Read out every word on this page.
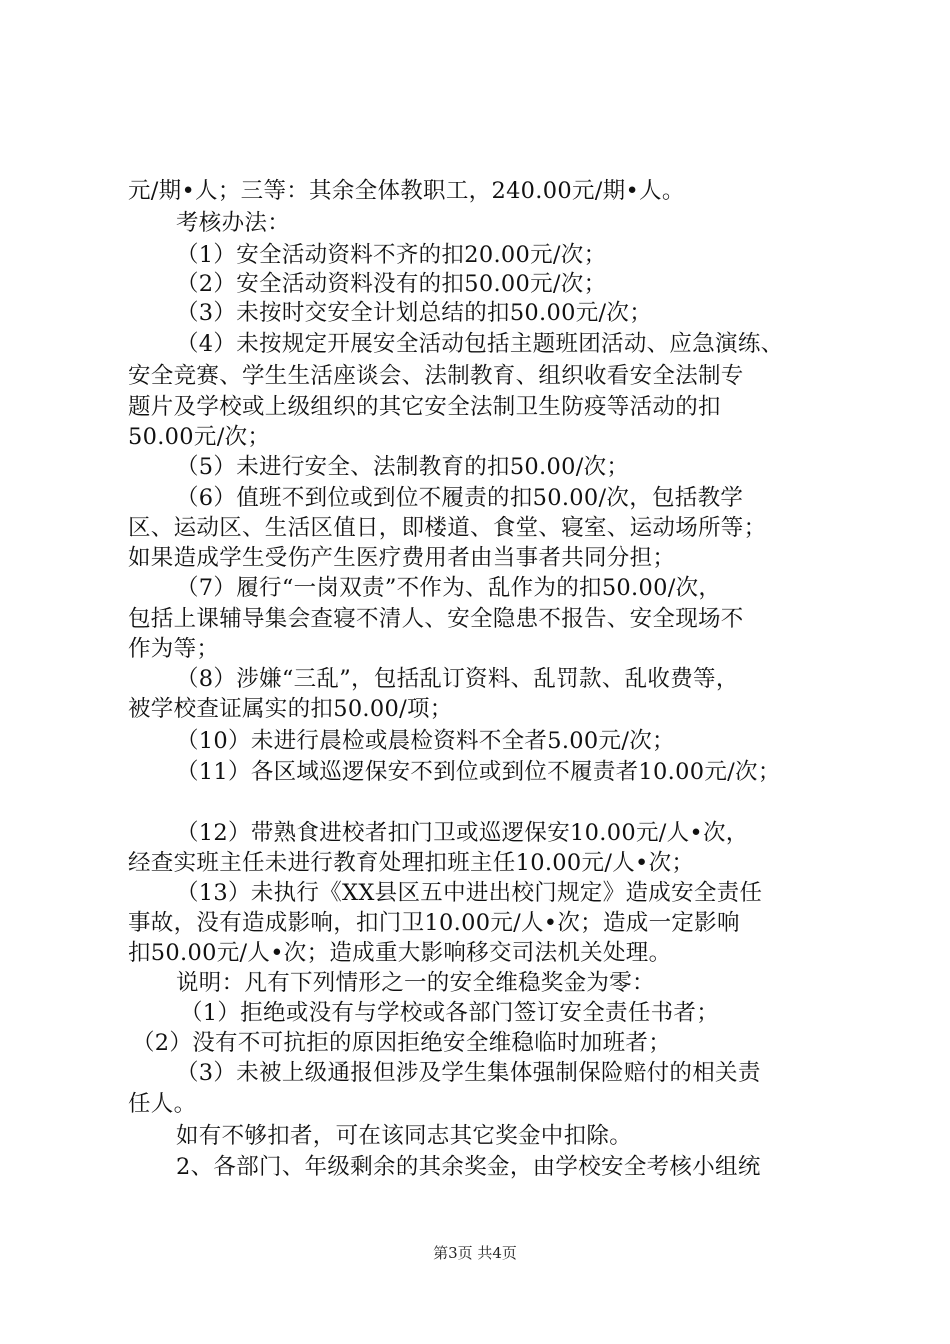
元/期•人；三等：其余全体教职工，240.00元/期•人。
考核办法：
（1）安全活动资料不齐的扣20.00元/次；
（2）安全活动资料没有的扣50.00元/次；
（3）未按时交安全计划总结的扣50.00元/次；
（4）未按规定开展安全活动包括主题班团活动、应急演练、
安全竞赛、学生生活座谈会、法制教育、组织收看安全法制专
题片及学校或上级组织的其它安全法制卫生防疫等活动的扣
50.00元/次；
（5）未进行安全、法制教育的扣50.00/次；
（6）值班不到位或到位不履责的扣50.00/次，包括教学
区、运动区、生活区值日，即楼道、食堂、寝室、运动场所等；
如果造成学生受伤产生医疗费用者由当事者共同分担；
（7）履行“一岗双责”不作为、乱作为的扣50.00/次，
包括上课辅导集会查寝不清人、安全隐患不报告、安全现场不
作为等；
（8）涉嫌“三乱”，包括乱订资料、乱罚款、乱收费等，
被学校查证属实的扣50.00/项；
（10）未进行晨检或晨检资料不全者5.00元/次；
（11）各区域巡逻保安不到位或到位不履责者10.00元/次；
（12）带熟食进校者扣门卫或巡逻保安10.00元/人•次，
经查实班主任未进行教育处理扣班主任10.00元/人•次；
（13）未执行《XX县区五中进出校门规定》造成安全责任
事故，没有造成影响，扣门卫10.00元/人•次；造成一定影响
扣50.00元/人•次；造成重大影响移交司法机关处理。
说明：凡有下列情形之一的安全维稳奖金为零：
（1）拒绝或没有与学校或各部门签订安全责任书者；
（2）没有不可抗拒的原因拒绝安全维稳临时加班者；
（3）未被上级通报但涉及学生集体强制保险赔付的相关责
任人。
如有不够扣者，可在该同志其它奖金中扣除。
2、各部门、年级剩余的其余奖金，由学校安全考核小组统
第3页 共4页
